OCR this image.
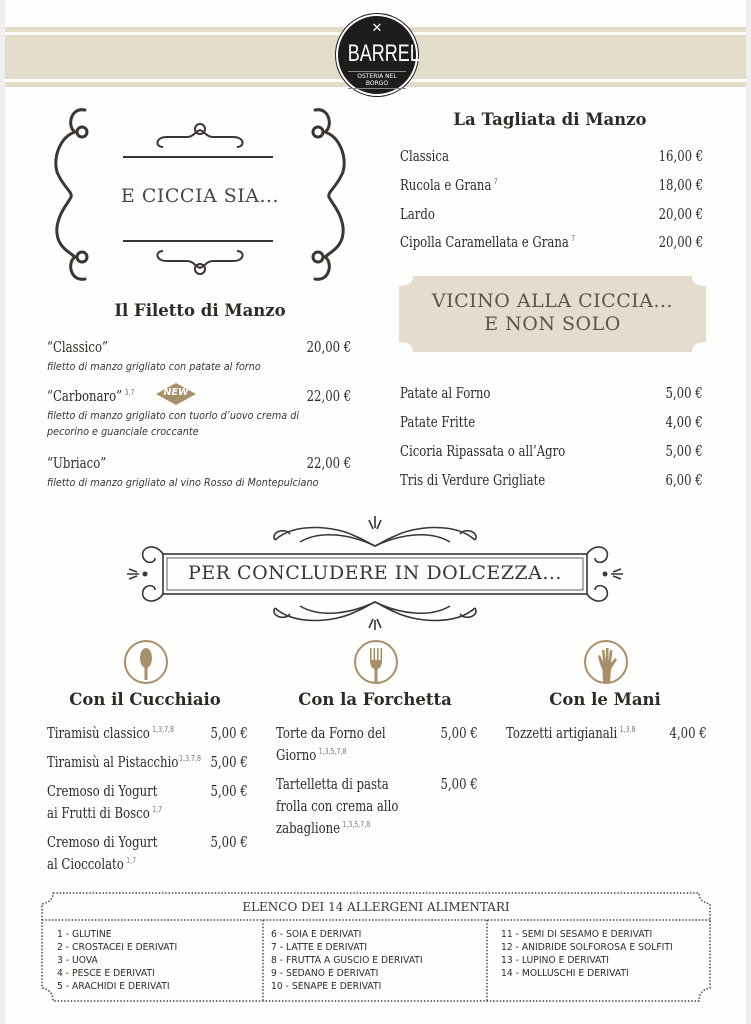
✕
BARREL
OSTERIA NEL BORGO
E CICCIA SIA...
Il Filetto di Manzo
“Classico”	20,00 €
filetto di manzo grigliato con patate al forno
“Carbonaro” $^{3,7}$	NEW	22,00 €
filetto di manzo grigliato con tuorlo d’uovo crema di
pecorino e guanciale croccante
“Ubriaco”	22,00 €
filetto di manzo grigliato al vino Rosso di Montepulciano
La Tagliata di Manzo
Classica	16,00 €
Rucola e Grana $^7$	18,00 €
Lardo	20,00 €
Cipolla Caramellata e Grana $^7$	20,00 €
VICINO ALLA CICCIA...
E NON SOLO
Patate al Forno	5,00 €
Patate Fritte	4,00 €
Cicoria Ripassata o all’Agro	5,00 €
Tris di Verdure Grigliate	6,00 €
PER CONCLUDERE IN DOLCEZZA...
Con il Cucchiaio	Con la Forchetta	Con le Mani
Tiramisù classico $^{1,3,7,8}$ 5,00 €
Tiramisù al Pistacchio$^{1,3,7,8}$ 5,00 €
Cremoso di Yogurt
ai Frutti di Bosco $^{1,7}$
5,00 €
Cremoso di Yogurt
al Cioccolato $^{1,7}$
5,00 €
Torte da Forno del
Giorno $^{1,3,5,7,8}$
5,00 €
Tartelletta di pasta
frolla con crema allo
zabaglione $^{1,3,5,7,8}$
5,00 €
Tozzetti artigianali $^{1,3,8}$ 4,00 €
ELENCO DEI 14 ALLERGENI ALIMENTARI
1 - GLUTINE
2 - CROSTACEI E DERIVATI
3 - UOVA
4 - PESCE E DERIVATI
5 - ARACHIDI E DERIVATI
6 - SOIA E DERIVATI
7 - LATTE E DERIVATI
8 - FRUTTA A GUSCIO E DERIVATI
9 - SEDANO E DERIVATI
10 - SENAPE E DERIVATI
11 - SEMI DI SESAMO E DERIVATI
12 - ANIDRIDE SOLFOROSA E SOLFITI
13 - LUPINO E DERIVATI
14 - MOLLUSCHI E DERIVATI
